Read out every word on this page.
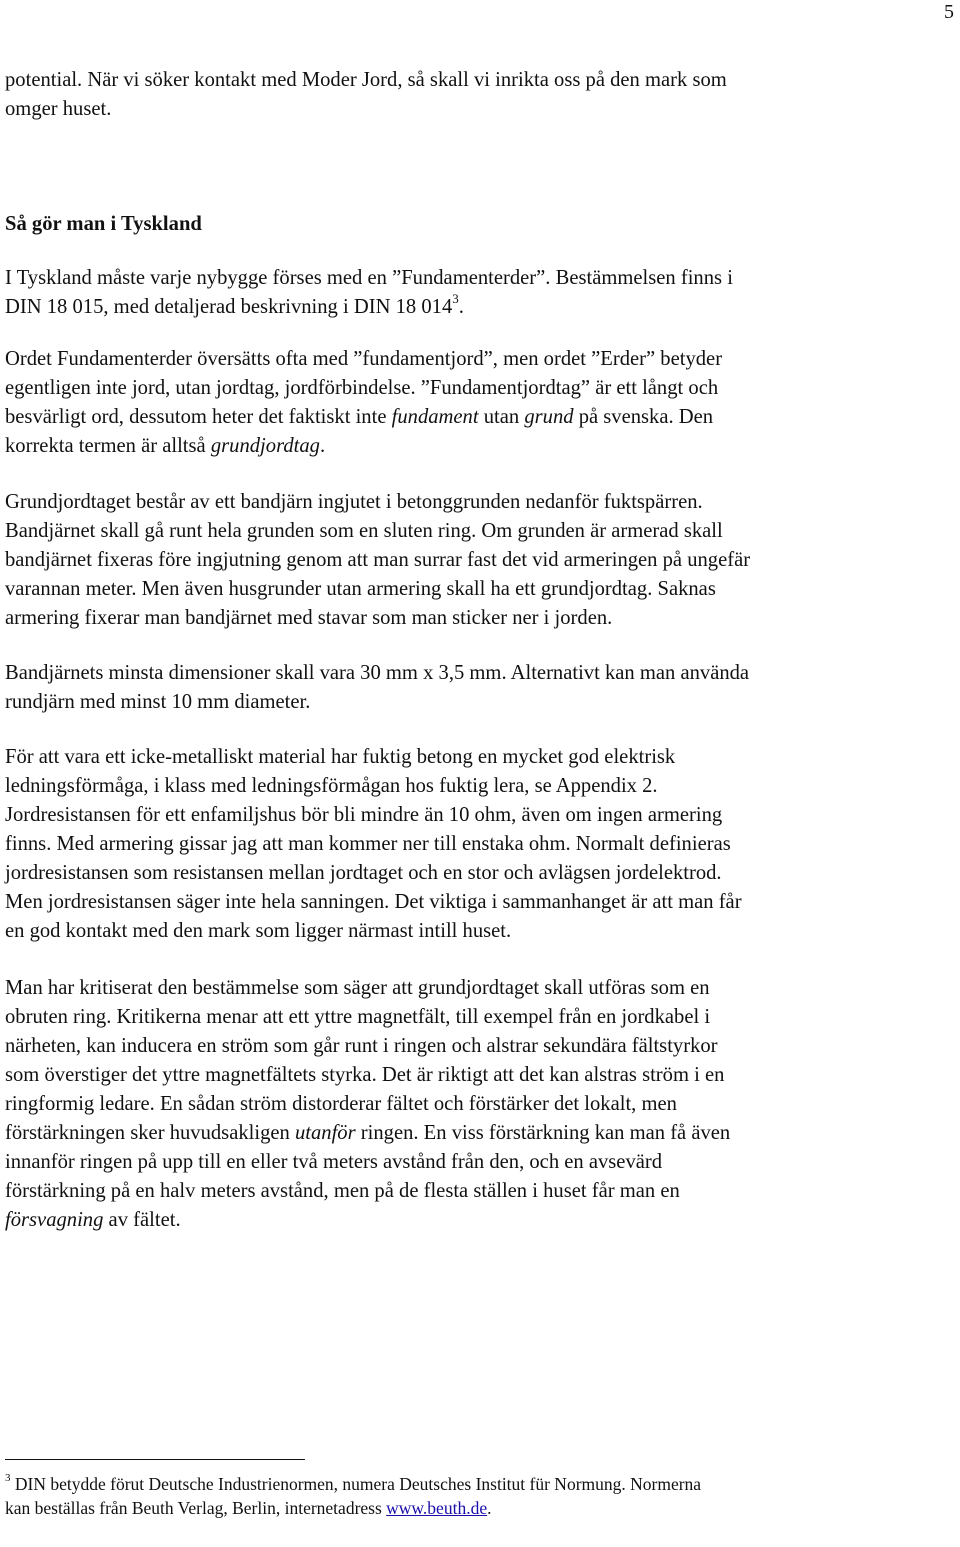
5

potential. När vi söker kontakt med Moder Jord, så skall vi inrikta oss på den mark som omger huset.

Så gör man i Tyskland

I Tyskland måste varje nybygge förses med en ”Fundamenterder”. Bestämmelsen finns i DIN 18 015, med detaljerad beskrivning i DIN 18 $014^3$.

Ordet Fundamenterder översätts ofta med ”fundamentjord”, men ordet ”Erder” betyder egentligen inte jord, utan jordtag, jordförbindelse. ”Fundamentjordtag” är ett långt och besvärligt ord, dessutom heter det faktiskt inte fundament utan grund på svenska. Den korrekta termen är alltså grundjordtag.

Grundjordtaget består av ett bandjärn ingjutet i betonggrunden nedanför fuktspärren. Bandjärnet skall gå runt hela grunden som en sluten ring. Om grunden är armerad skall bandjärnet fixeras före ingjutning genom att man surrar fast det vid armeringen på ungefär varannan meter. Men även husgrunder utan armering skall ha ett grundjordtag. Saknas armering fixerar man bandjärnet med stavar som man sticker ner i jorden.

Bandjärnets minsta dimensioner skall vara 30 mm x 3,5 mm. Alternativt kan man använda rundjärn med minst 10 mm diameter.

För att vara ett icke-metalliskt material har fuktig betong en mycket god elektrisk ledningsförmåga, i klass med ledningsförmågan hos fuktig lera, se Appendix 2. Jordresistansen för ett enfamiljshus bör bli mindre än 10 ohm, även om ingen armering finns. Med armering gissar jag att man kommer ner till enstaka ohm. Normalt definieras jordresistansen som resistansen mellan jordtaget och en stor och avlägsen jordelektrod. Men jordresistansen säger inte hela sanningen. Det viktiga i sammanhanget är att man får en god kontakt med den mark som ligger närmast intill huset.

Man har kritiserat den bestämmelse som säger att grundjordtaget skall utföras som en obruten ring. Kritikerna menar att ett yttre magnetfält, till exempel från en jordkabel i närheten, kan inducera en ström som går runt i ringen och alstrar sekundära fältstyrkor som överstiger det yttre magnetfältets styrka. Det är riktigt att det kan alstras ström i en ringformig ledare. En sådan ström distorderar fältet och förstärker det lokalt, men förstärkningen sker huvudsakligen utanför ringen. En viss förstärkning kan man få även innanför ringen på upp till en eller två meters avstånd från den, och en avsevärd förstärkning på en halv meters avstånd, men på de flesta ställen i huset får man en försvagning av fältet.

$^3$ DIN betydde förut Deutsche Industrienormen, numera Deutsches Institut für Normung. Normerna kan beställas från Beuth Verlag, Berlin, internetadress www.beuth.de.
